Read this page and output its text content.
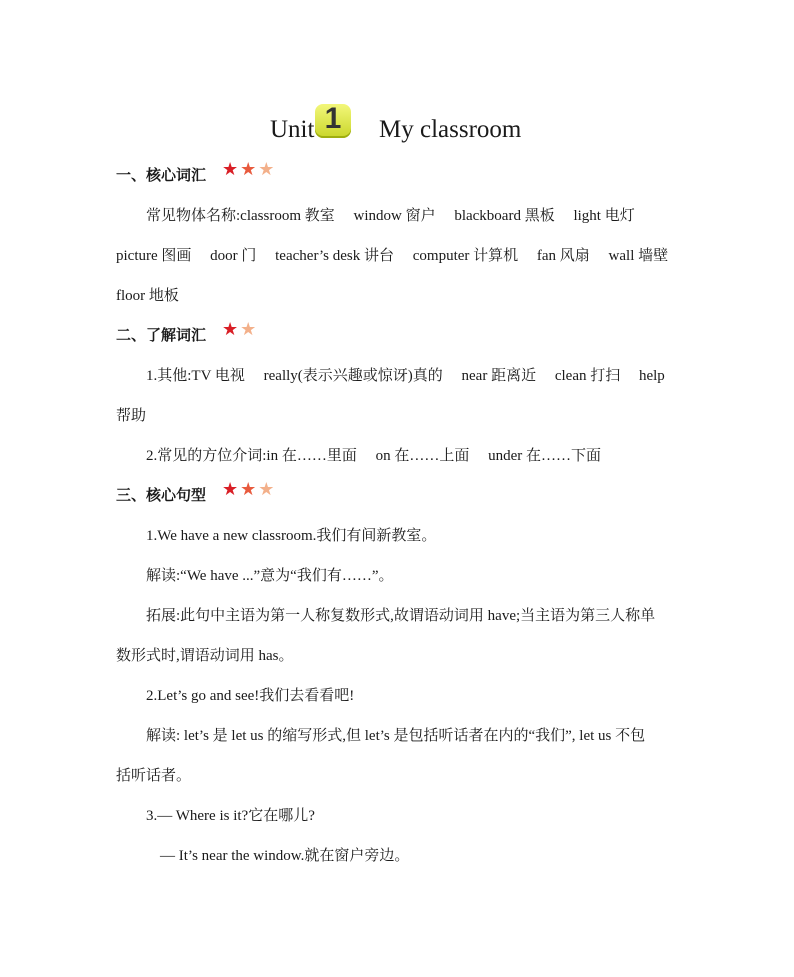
Unit 1	My classroom
一、核心词汇 ★★★
常见物体名称:classroom 教室　 window 窗户　 blackboard 黑板　 light 电灯
picture 图画　 door 门　 teacher’s desk 讲台　 computer 计算机　 fan 风扇　 wall 墙壁
floor 地板
二、了解词汇 ★★
1.其他:TV 电视　 really(表示兴趣或惊讶)真的　 near 距离近　 clean 打扫　 help
帮助
2.常见的方位介词:in 在……里面　 on 在……上面　 under 在……下面
三、核心句型 ★★★
1.We have a new classroom.我们有间新教室。
解读:“We have ...”意为“我们有……”。
拓展:此句中主语为第一人称复数形式,故谓语动词用 have;当主语为第三人称单
数形式时,谓语动词用 has。
2.Let’s go and see!我们去看看吧!
解读: let’s 是 let us 的缩写形式,但 let’s 是包括听话者在内的“我们”, let us 不包
括听话者。
3.— Where is it?它在哪儿?
— It’s near the window.就在窗户旁边。
